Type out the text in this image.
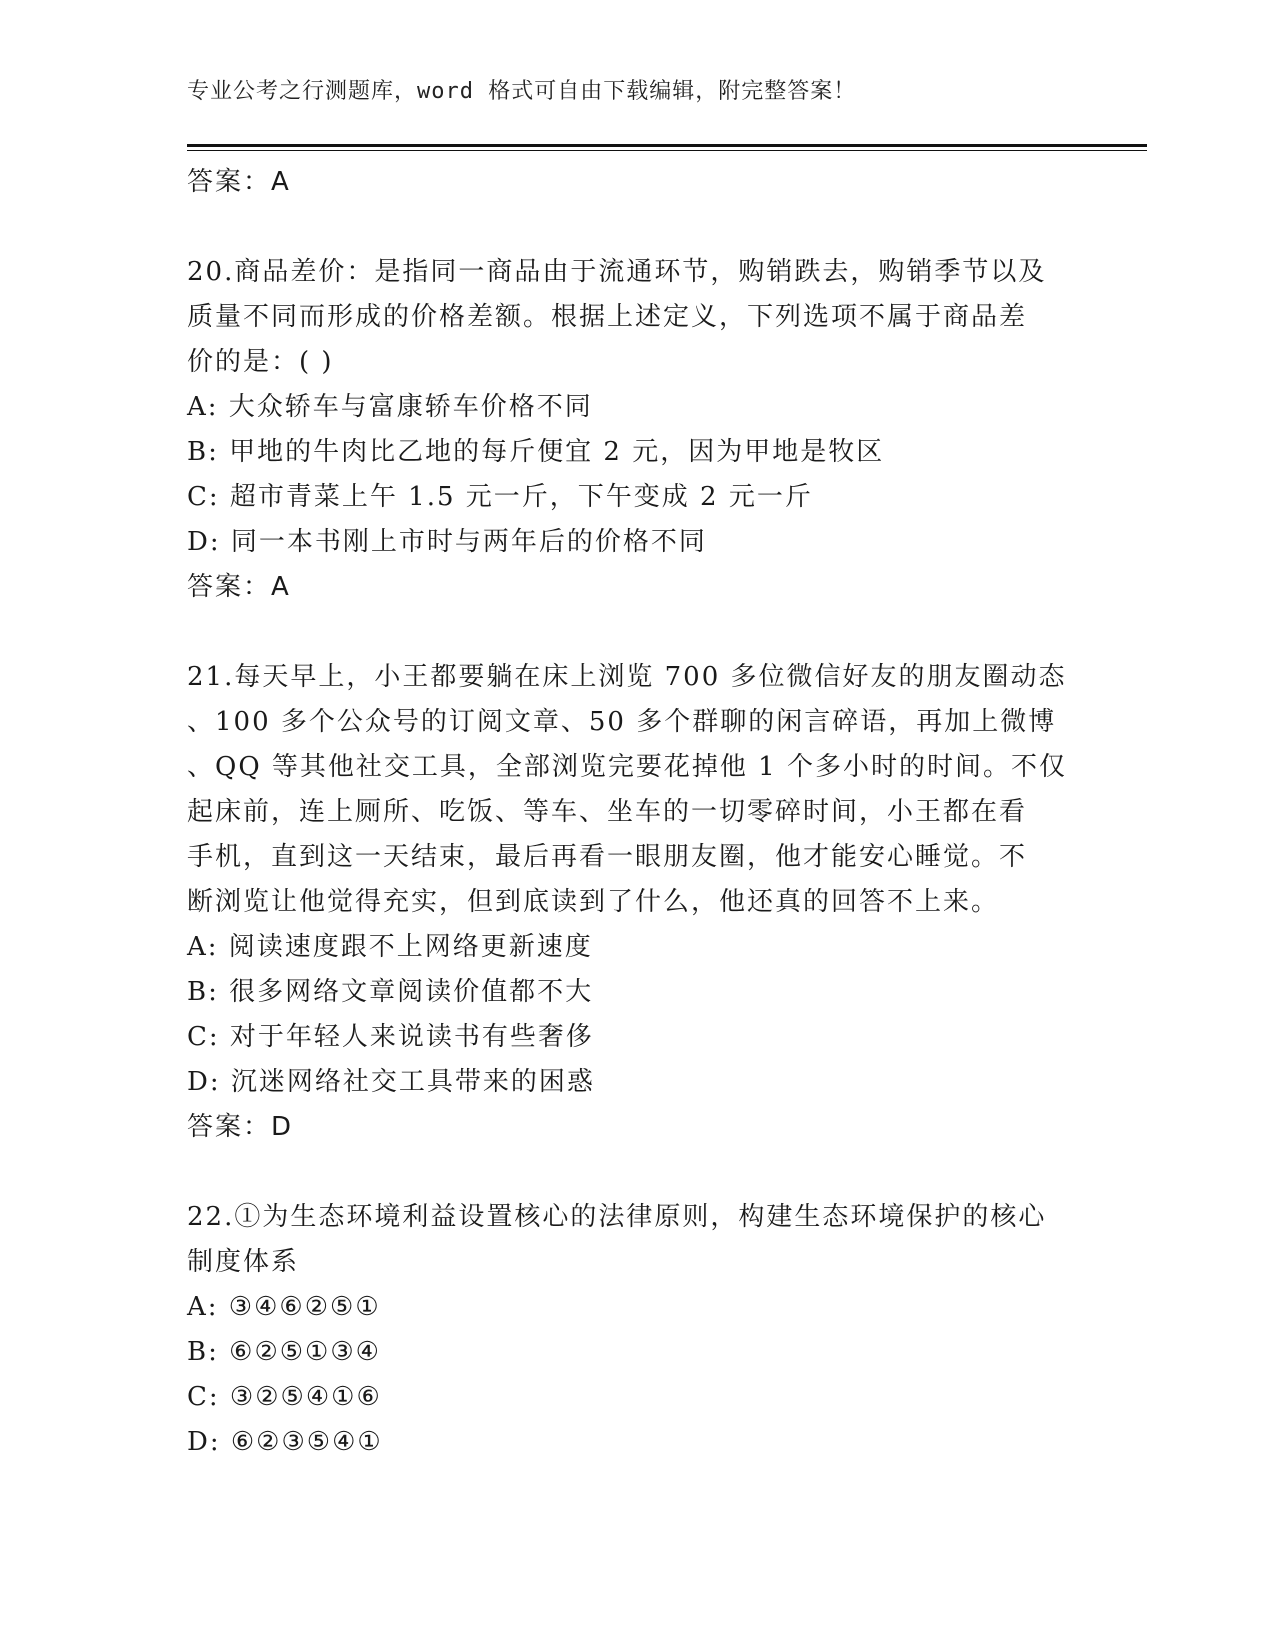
专业公考之行测题库，word 格式可自由下载编辑，附完整答案！
答案：A
20.商品差价：是指同一商品由于流通环节，购销跌去，购销季节以及
质量不同而形成的价格差额。根据上述定义，下列选项不属于商品差
价的是：( )
A: 大众轿车与富康轿车价格不同
B: 甲地的牛肉比乙地的每斤便宜 2 元，因为甲地是牧区
C: 超市青菜上午 1.5 元一斤，下午变成 2 元一斤
D: 同一本书刚上市时与两年后的价格不同
答案：A
21.每天早上，小王都要躺在床上浏览 700 多位微信好友的朋友圈动态
、100 多个公众号的订阅文章、50 多个群聊的闲言碎语，再加上微博
、QQ 等其他社交工具，全部浏览完要花掉他 1 个多小时的时间。不仅
起床前，连上厕所、吃饭、等车、坐车的一切零碎时间，小王都在看
手机，直到这一天结束，最后再看一眼朋友圈，他才能安心睡觉。不
断浏览让他觉得充实，但到底读到了什么，他还真的回答不上来。
A: 阅读速度跟不上网络更新速度
B: 很多网络文章阅读价值都不大
C: 对于年轻人来说读书有些奢侈
D: 沉迷网络社交工具带来的困惑
答案：D
22.①为生态环境利益设置核心的法律原则，构建生态环境保护的核心
制度体系
A: ③④⑥②⑤①
B: ⑥②⑤①③④
C: ③②⑤④①⑥
D: ⑥②③⑤④①
